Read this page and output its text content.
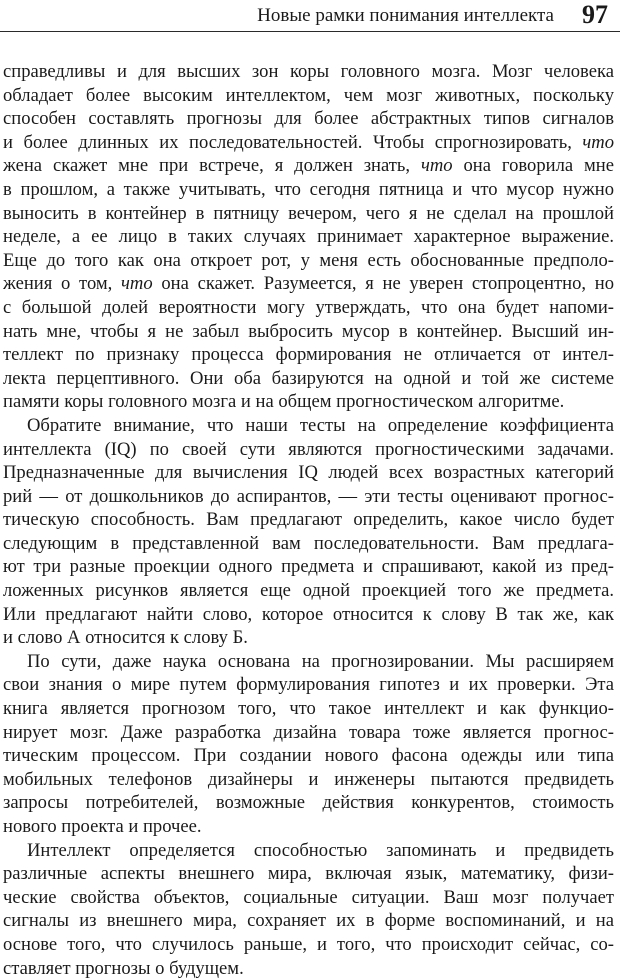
Новые рамки понимания интеллекта 97
справедливы и для высших зон коры головного мозга. Мозг человека
обладает более высоким интеллектом, чем мозг животных, поскольку
способен составлять прогнозы для более абстрактных типов сигналов
и более длинных их последовательностей. Чтобы спрогнозировать, что
жена скажет мне при встрече, я должен знать, что она говорила мне
в прошлом, а также учитывать, что сегодня пятница и что мусор нужно
выносить в контейнер в пятницу вечером, чего я не сделал на прошлой
неделе, а ее лицо в таких случаях принимает характерное выражение.
Еще до того как она откроет рот, у меня есть обоснованные предполо-
жения о том, что она скажет. Разумеется, я не уверен стопроцентно, но
с большой долей вероятности могу утверждать, что она будет напоми-
нать мне, чтобы я не забыл выбросить мусор в контейнер. Высший ин-
теллект по признаку процесса формирования не отличается от интел-
лекта перцептивного. Они оба базируются на одной и той же системе
памяти коры головного мозга и на общем прогностическом алгоритме.
Обратите внимание, что наши тесты на определение коэффициента
интеллекта (IQ) по своей сути являются прогностическими задачами.
Предназначенные для вычисления IQ людей всех возрастных категорий
рий — от дошкольников до аспирантов, — эти тесты оценивают прогнос-
тическую способность. Вам предлагают определить, какое число будет
следующим в представленной вам последовательности. Вам предлага-
ют три разные проекции одного предмета и спрашивают, какой из пред-
ложенных рисунков является еще одной проекцией того же предмета.
Или предлагают найти слово, которое относится к слову В так же, как
и слово А относится к слову Б.
По сути, даже наука основана на прогнозировании. Мы расширяем
свои знания о мире путем формулирования гипотез и их проверки. Эта
книга является прогнозом того, что такое интеллект и как функцио-
нирует мозг. Даже разработка дизайна товара тоже является прогнос-
тическим процессом. При создании нового фасона одежды или типа
мобильных телефонов дизайнеры и инженеры пытаются предвидеть
запросы потребителей, возможные действия конкурентов, стоимость
нового проекта и прочее.
Интеллект определяется способностью запоминать и предвидеть
различные аспекты внешнего мира, включая язык, математику, физи-
ческие свойства объектов, социальные ситуации. Ваш мозг получает
сигналы из внешнего мира, сохраняет их в форме воспоминаний, и на
основе того, что случилось раньше, и того, что происходит сейчас, со-
ставляет прогнозы о будущем.
